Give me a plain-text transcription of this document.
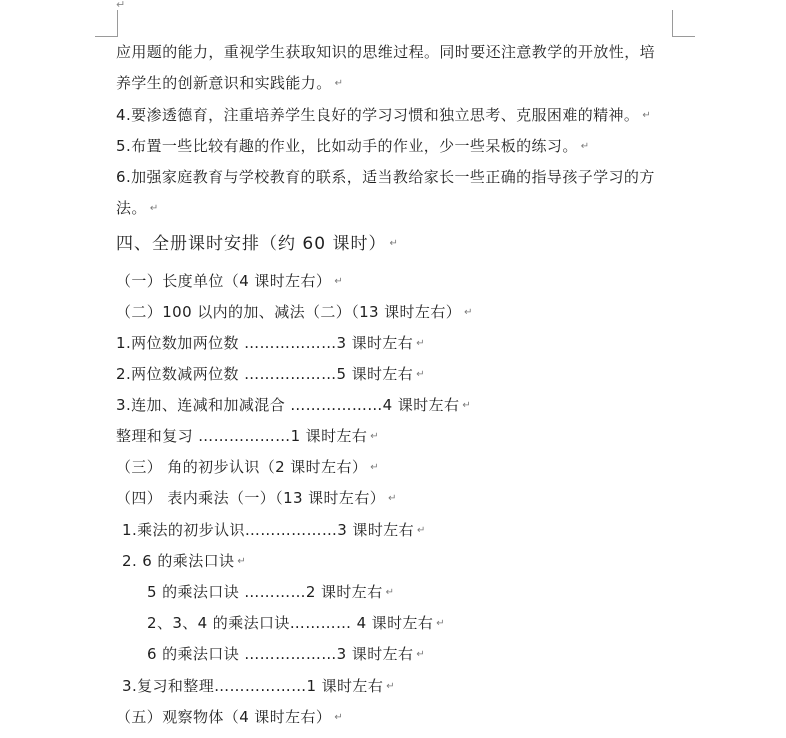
↵
应用题的能力，重视学生获取知识的思维过程。同时要还注意教学的开放性，培
养学生的创新意识和实践能力。 ↵
4.要渗透德育，注重培养学生良好的学习习惯和独立思考、克服困难的精神。 ↵
5.布置一些比较有趣的作业，比如动手的作业，少一些呆板的练习。 ↵
6.加强家庭教育与学校教育的联系，适当教给家长一些正确的指导孩子学习的方
法。 ↵
四、全册课时安排（约 60 课时） ↵
（一）长度单位（4 课时左右） ↵
（二）100 以内的加、减法（二）（13 课时左右） ↵
1.两位数加两位数 ………………3 课时左右 ↵
2.两位数减两位数 ………………5 课时左右 ↵
3.连加、连减和加减混合 ………………4 课时左右 ↵
整理和复习 ………………1 课时左右 ↵
（三） 角的初步认识（2 课时左右） ↵
（四） 表内乘法（一）（13 课时左右） ↵
1.乘法的初步认识………………3 课时左右 ↵
2. 6 的乘法口诀 ↵
5 的乘法口诀 …………2 课时左右 ↵
2、3、4 的乘法口诀………… 4 课时左右 ↵
6 的乘法口诀 ………………3 课时左右 ↵
3.复习和整理………………1 课时左右 ↵
（五）观察物体（4 课时左右） ↵
